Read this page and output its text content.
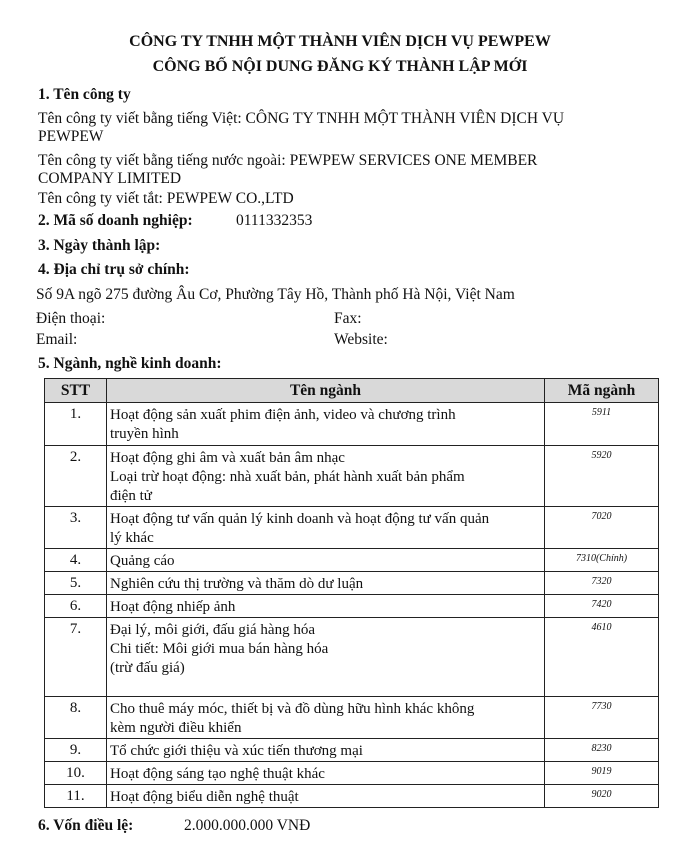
CÔNG TY TNHH MỘT THÀNH VIÊN DỊCH VỤ PEWPEW
CÔNG BỐ NỘI DUNG ĐĂNG KÝ THÀNH LẬP MỚI
1. Tên công ty
Tên công ty viết bằng tiếng Việt: CÔNG TY TNHH MỘT THÀNH VIÊN DỊCH VỤ
PEWPEW
Tên công ty viết bằng tiếng nước ngoài: PEWPEW SERVICES ONE MEMBER
COMPANY LIMITED
Tên công ty viết tắt: PEWPEW CO.,LTD
2. Mã số doanh nghiệp:	0111332353
3. Ngày thành lập:
4. Địa chỉ trụ sở chính:
Số 9A ngõ 275 đường Âu Cơ, Phường Tây Hồ, Thành phố Hà Nội, Việt Nam
Điện thoại:	Fax:
Email:	Website:
5. Ngành, nghề kinh doanh:
STT	Tên ngành	Mã ngành
1.	Hoạt động sản xuất phim điện ảnh, video và chương trình
truyền hình	5911
2.	Hoạt động ghi âm và xuất bản âm nhạc
Loại trừ hoạt động: nhà xuất bản, phát hành xuất bản phẩm
điện tử	5920
3.	Hoạt động tư vấn quản lý kinh doanh và hoạt động tư vấn quản
lý khác	7020
4.	Quảng cáo	7310(Chính)
5.	Nghiên cứu thị trường và thăm dò dư luận	7320
6.	Hoạt động nhiếp ảnh	7420
7.	Đại lý, môi giới, đấu giá hàng hóa
Chi tiết: Môi giới mua bán hàng hóa
(trừ đấu giá)	4610
8.	Cho thuê máy móc, thiết bị và đồ dùng hữu hình khác không
kèm người điều khiển	7730
9.	Tổ chức giới thiệu và xúc tiến thương mại	8230
10.	Hoạt động sáng tạo nghệ thuật khác	9019
11.	Hoạt động biểu diễn nghệ thuật	9020
6. Vốn điều lệ:	2.000.000.000 VNĐ
